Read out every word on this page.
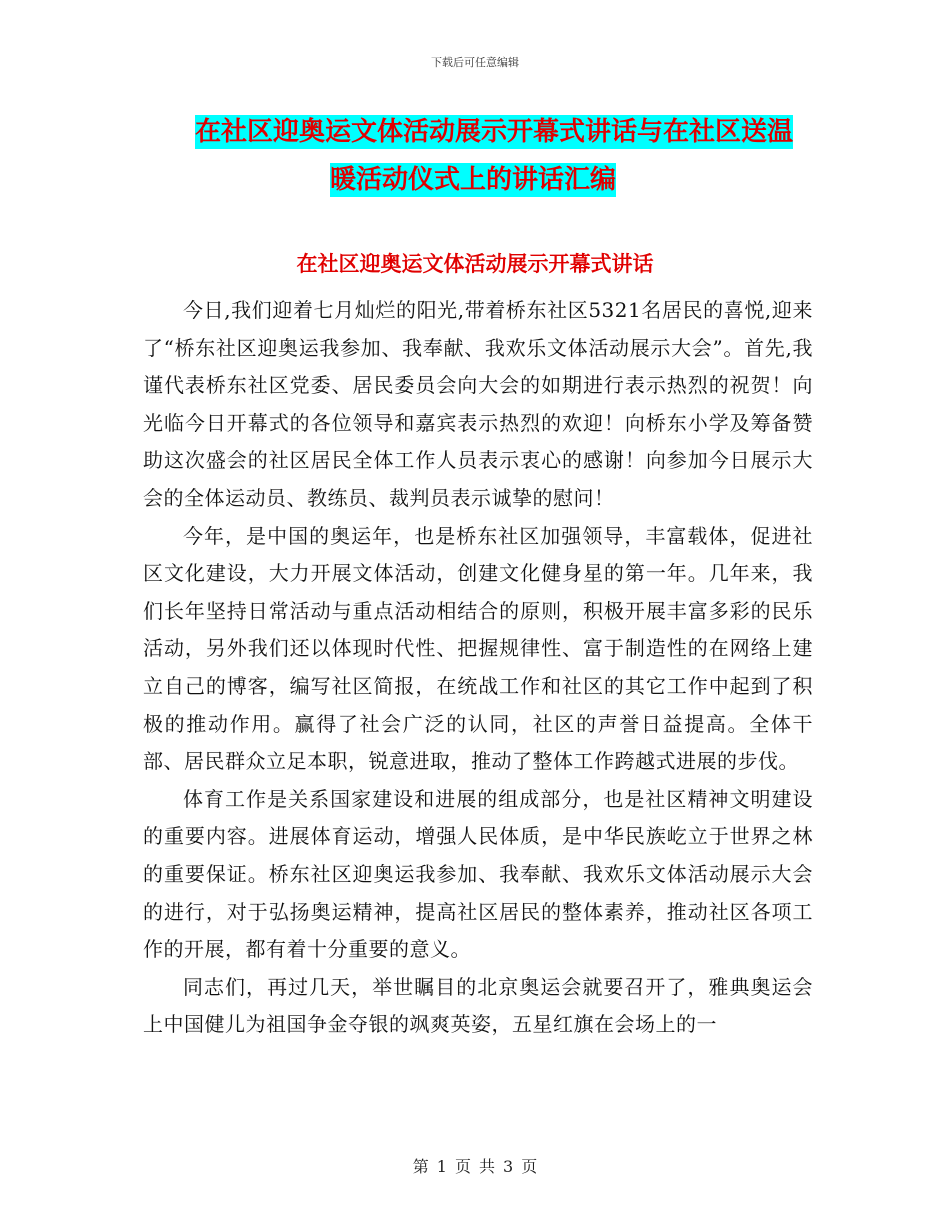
下载后可任意编辑
在社区迎奥运文体活动展示开幕式讲话与在社区送温
暖活动仪式上的讲话汇编
在社区迎奥运文体活动展示开幕式讲话

今日,我们迎着七月灿烂的阳光,带着桥东社区5321名居民的喜悦,迎来了“桥东社区迎奥运我参加、我奉献、我欢乐文体活动展示大会”。首先,我谨代表桥东社区党委、居民委员会向大会的如期进行表示热烈的祝贺！向光临今日开幕式的各位领导和嘉宾表示热烈的欢迎！向桥东小学及筹备赞助这次盛会的社区居民全体工作人员表示衷心的感谢！向参加今日展示大会的全体运动员、教练员、裁判员表示诚挚的慰问！

今年，是中国的奥运年，也是桥东社区加强领导，丰富载体，促进社区文化建设，大力开展文体活动，创建文化健身星的第一年。几年来，我们长年坚持日常活动与重点活动相结合的原则，积极开展丰富多彩的民乐活动，另外我们还以体现时代性、把握规律性、富于制造性的在网络上建立自己的博客，编写社区简报，在统战工作和社区的其它工作中起到了积极的推动作用。赢得了社会广泛的认同，社区的声誉日益提高。全体干部、居民群众立足本职，锐意进取，推动了整体工作跨越式进展的步伐。

体育工作是关系国家建设和进展的组成部分，也是社区精神文明建设的重要内容。进展体育运动，增强人民体质，是中华民族屹立于世界之林的重要保证。桥东社区迎奥运我参加、我奉献、我欢乐文体活动展示大会的进行，对于弘扬奥运精神，提高社区居民的整体素养，推动社区各项工作的开展，都有着十分重要的意义。

同志们，再过几天，举世瞩目的北京奥运会就要召开了，雅典奥运会上中国健儿为祖国争金夺银的飒爽英姿，五星红旗在会场上的一

第 1 页 共 3 页
